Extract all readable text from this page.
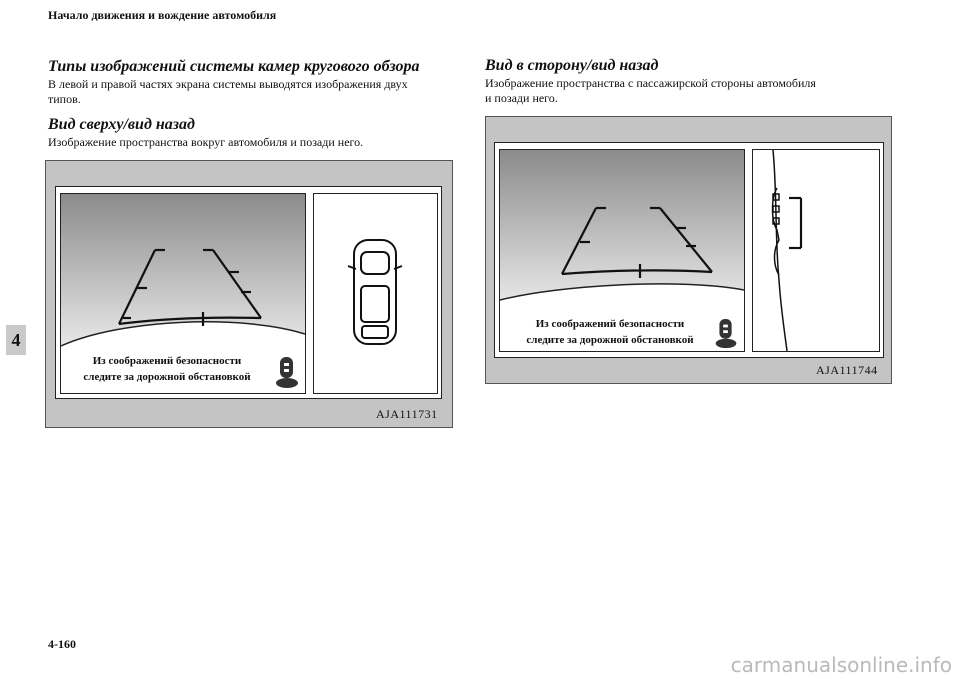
Начало движения и вождение автомобиля
4
Типы изображений системы камер кругового обзора
В левой и правой частях экрана системы выводятся изображения двух
типов.
Вид сверху/вид назад
Изображение пространства вокруг автомобиля и позади него.
Из соображений безопасности
следите за дорожной обстановкой
AJA111731
Вид в сторону/вид назад
Изображение пространства с пассажирской стороны автомобиля
и позади него.
Из соображений безопасности
следите за дорожной обстановкой
AJA111744
4-160
carmanualsonline.info
